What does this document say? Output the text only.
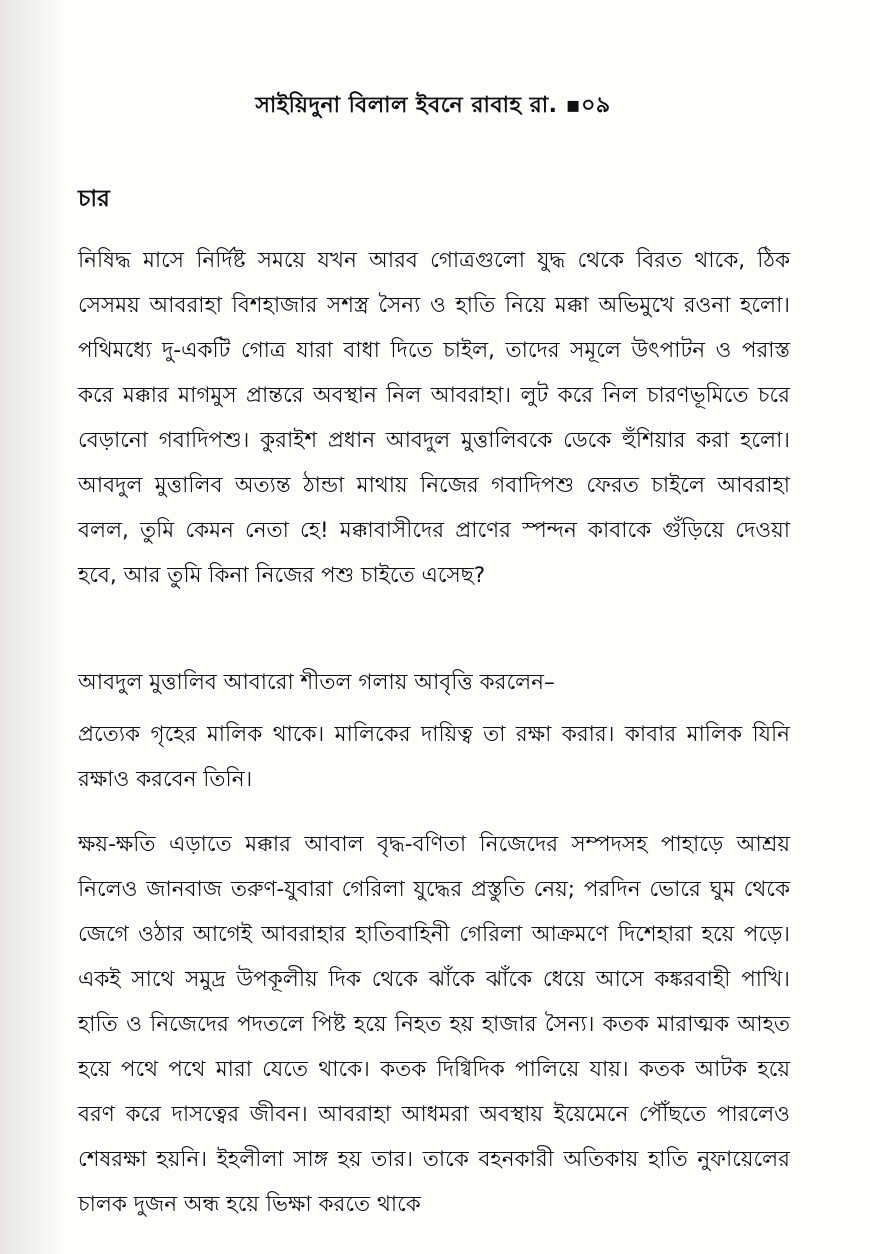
সাইয়িদুনা বিলাল ইবনে রাবাহ রা. ▪০৯
চার

নিষিদ্ধ মাসে নির্দিষ্ট সময়ে যখন আরব গোত্রগুলো যুদ্ধ থেকে বিরত থাকে, ঠিক সেসময় আবরাহা বিশহাজার সশস্ত্র সৈন্য ও হাতি নিয়ে মক্কা অভিমুখে রওনা হলো। পথিমধ্যে দু-একটি গোত্র যারা বাধা দিতে চাইল, তাদের সমূলে উৎপাটন ও পরাস্ত করে মক্কার মাগমুস প্রান্তরে অবস্থান নিল আবরাহা। লুট করে নিল চারণভূমিতে চরে বেড়ানো গবাদিপশু। কুরাইশ প্রধান আবদুল মুত্তালিবকে ডেকে হুঁশিয়ার করা হলো। আবদুল মুত্তালিব অত্যন্ত ঠান্ডা মাথায় নিজের গবাদিপশু ফেরত চাইলে আবরাহা বলল, তুমি কেমন নেতা হে! মক্কাবাসীদের প্রাণের স্পন্দন কাবাকে গুঁড়িয়ে দেওয়া হবে, আর তুমি কিনা নিজের পশু চাইতে এসেছ?

আবদুল মুত্তালিব আবারো শীতল গলায় আবৃত্তি করলেন–

প্রত্যেক গৃহের মালিক থাকে। মালিকের দায়িত্ব তা রক্ষা করার। কাবার মালিক যিনি রক্ষাও করবেন তিনি।

ক্ষয়-ক্ষতি এড়াতে মক্কার আবাল বৃদ্ধ-বণিতা নিজেদের সম্পদসহ পাহাড়ে আশ্রয় নিলেও জানবাজ তরুণ-যুবারা গেরিলা যুদ্ধের প্রস্তুতি নেয়; পরদিন ভোরে ঘুম থেকে জেগে ওঠার আগেই আবরাহার হাতিবাহিনী গেরিলা আক্রমণে দিশেহারা হয়ে পড়ে। একই সাথে সমুদ্র উপকূলীয় দিক থেকে ঝাঁকে ঝাঁকে ধেয়ে আসে কঙ্করবাহী পাখি। হাতি ও নিজেদের পদতলে পিষ্ট হয়ে নিহত হয় হাজার সৈন্য। কতক মারাত্মক আহত হয়ে পথে পথে মারা যেতে থাকে। কতক দিগ্বিদিক পালিয়ে যায়। কতক আটক হয়ে বরণ করে দাসত্বের জীবন। আবরাহা আধমরা অবস্থায় ইয়েমেনে পৌঁছতে পারলেও শেষরক্ষা হয়নি। ইহলীলা সাঙ্গ হয় তার। তাকে বহনকারী অতিকায় হাতি নুফায়েলের চালক দুজন অন্ধ হয়ে ভিক্ষা করতে থাকে
